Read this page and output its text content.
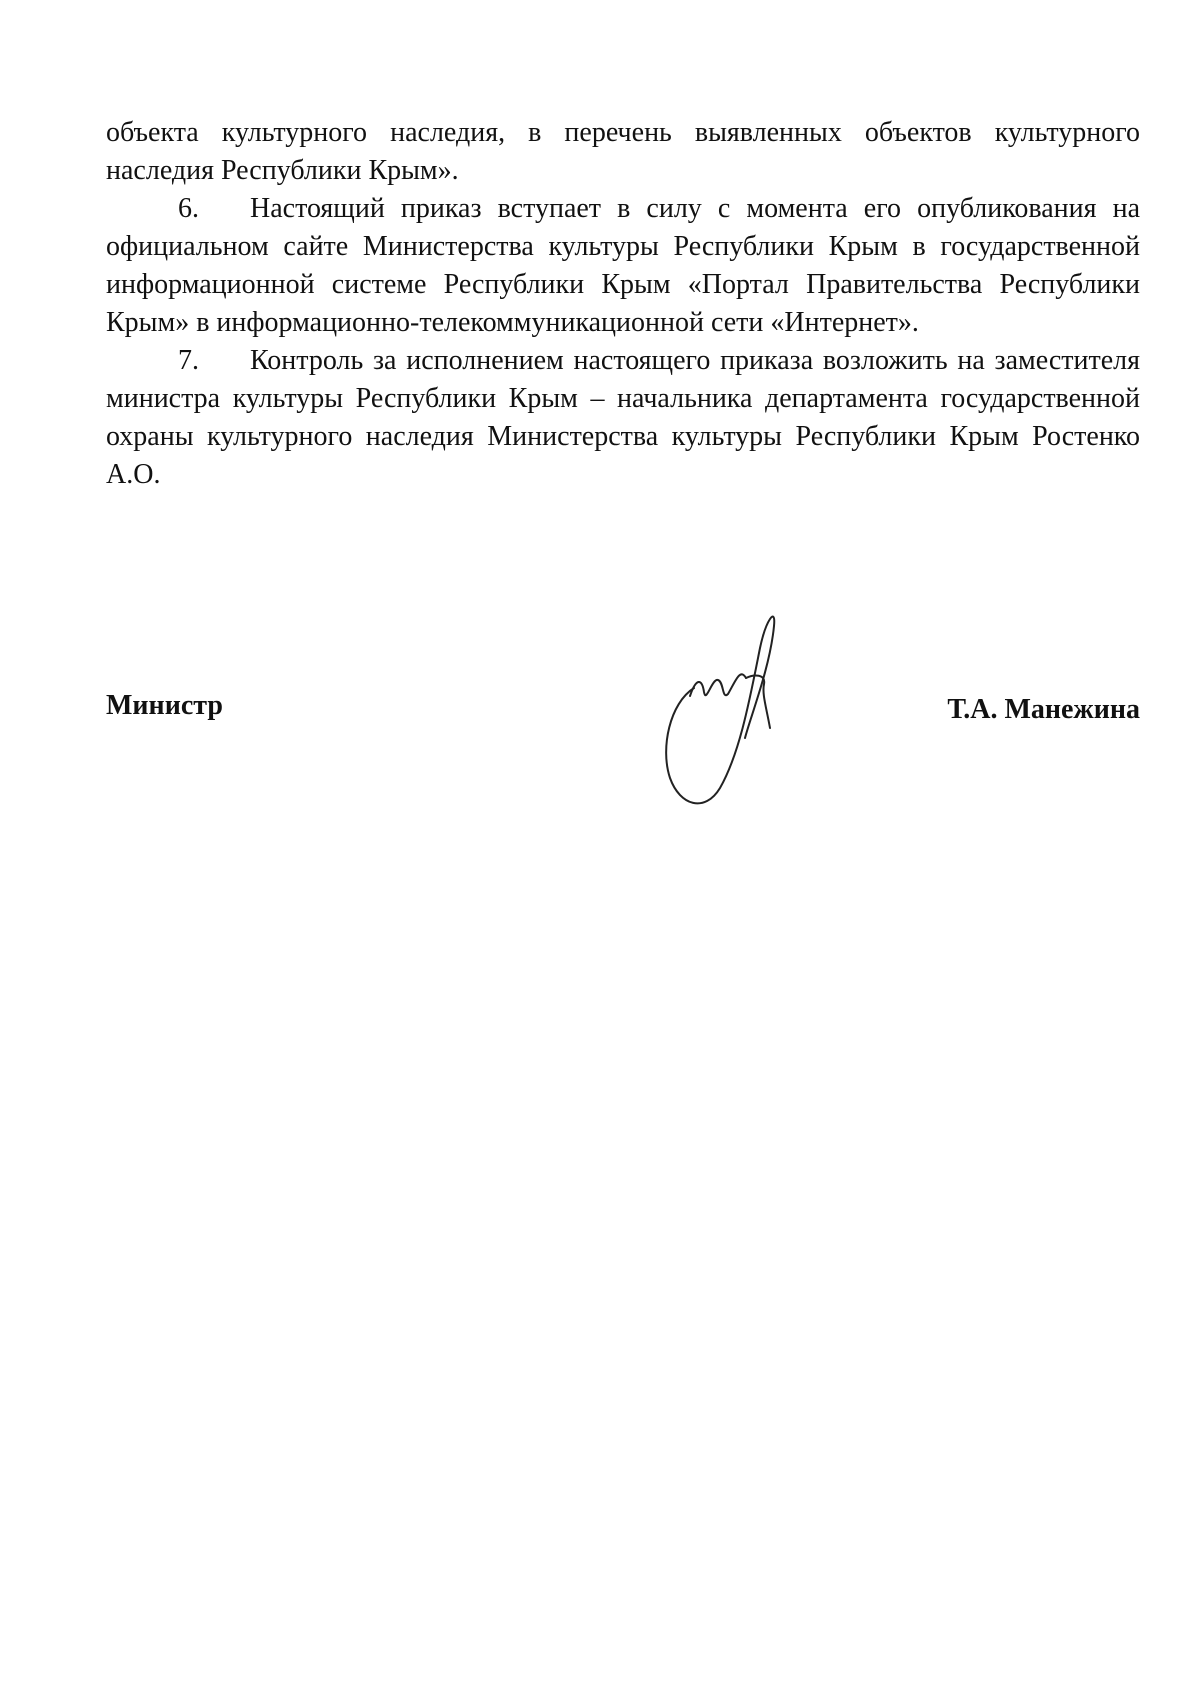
объекта культурного наследия, в перечень выявленных объектов культурного наследия Республики Крым».

6. Настоящий приказ вступает в силу с момента его опубликования на официальном сайте Министерства культуры Республики Крым в государственной информационной системе Республики Крым «Портал Правительства Республики Крым» в информационно-телекоммуникационной сети «Интернет».

7. Контроль за исполнением настоящего приказа возложить на заместителя министра культуры Республики Крым – начальника департамента государственной охраны культурного наследия Министерства культуры Республики Крым Ростенко А.О.

Министр	Т.А. Манежина
